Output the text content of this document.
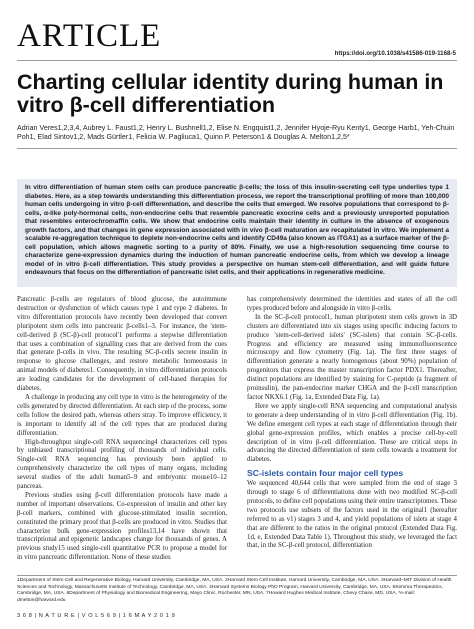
ARTICLE	https://doi.org/10.1038/s41586-019-1168-5
Charting cellular identity during human in vitro β-cell differentiation
Adrian Veres1,2,3,4, Aubrey L. Faust1,2, Henry L. Bushnell1,2, Elise N. Engquist1,2, Jennifer Hyoje-Ryu Kenty1, George Harb1, Yeh-Chuin Poh1, Elad Sintov1,2, Mads Gürtler1, Felicia W. Pagliuca1, Quinn P. Peterson1 & Douglas A. Melton1,2,5*

In vitro differentiation of human stem cells can produce pancreatic β-cells; the loss of this insulin-secreting cell type underlies type 1 diabetes. Here, as a step towards understanding this differentiation process, we report the transcriptional profiling of more than 100,000 human cells undergoing in vitro β-cell differentiation, and describe the cells that emerged. We resolve populations that correspond to β-cells, α-like poly-hormonal cells, non-endocrine cells that resemble pancreatic exocrine cells and a previously unreported population that resembles enterochromaffin cells. We show that endocrine cells maintain their identity in culture in the absence of exogenous growth factors, and that changes in gene expression associated with in vivo β-cell maturation are recapitulated in vitro. We implement a scalable re-aggregation technique to deplete non-endocrine cells and identify CD49a (also known as ITGA1) as a surface marker of the β-cell population, which allows magnetic sorting to a purity of 80%. Finally, we use a high-resolution sequencing time course to characterize gene-expression dynamics during the induction of human pancreatic endocrine cells, from which we develop a lineage model of in vitro β-cell differentiation. This study provides a perspective on human stem-cell differentiation, and will guide future endeavours that focus on the differentiation of pancreatic islet cells, and their applications in regenerative medicine.

Pancreatic β-cells are regulators of blood glucose, the autoimmune destruction or dysfunction of which causes type 1 and type 2 diabetes. In vitro differentiation protocols have recently been developed that convert pluripotent stem cells into pancreatic β-cells1–3. For instance, the 'stem-cell-derived β (SC-β)-cell protocol'1 performs a stepwise differentiation that uses a combination of signalling cues that are derived from the cues that generate β-cells in vivo. The resulting SC-β-cells secrete insulin in response to glucose challenges, and restore metabolic homeostasis in animal models of diabetes1. Consequently, in vitro differentiation protocols are leading candidates for the development of cell-based therapies for diabetes.

A challenge in producing any cell type in vitro is the heterogeneity of the cells generated by directed differentiation. At each step of the process, some cells follow the desired path, whereas others stray. To improve efficiency, it is important to identify all of the cell types that are produced during differentiation.

High-throughput single-cell RNA sequencing4 characterizes cell types by unbiased transcriptional profiling of thousands of individual cells. Single-cell RNA sequencing has previously been applied to comprehensively characterize the cell types of many organs, including several studies of the adult human5–9 and embryonic mouse10–12 pancreas.

Previous studies using β-cell differentiation protocols have made a number of important observations. Co-expression of insulin and other key β-cell markers, combined with glucose-stimulated insulin secretion, constituted the primary proof that β-cells are produced in vitro. Studies that characterize bulk gene-expression profiles13,14 have shown that transcriptional and epigenetic landscapes change for thousands of genes. A previous study15 used single-cell quantitative PCR to propose a model for in vitro pancreatic differentiation. None of these studies

has comprehensively determined the identities and states of all the cell types produced before and alongside in vitro β-cells.

In the SC-β-cell protocol1, human pluripotent stem cells grown in 3D clusters are differentiated into six stages using specific inducing factors to produce 'stem-cell-derived islets' (SC-islets) that contain SC-β-cells. Progress and efficiency are measured using immunofluorescence microscopy and flow cytometry (Fig. 1a). The first three stages of differentiation generate a nearly homogenous (about 90%) population of progenitors that express the master transcription factor PDX1. Thereafter, distinct populations are identified by staining for C-peptide (a fragment of proinsulin), the pan-endocrine marker CHGA and the β-cell transcription factor NKX6.1 (Fig. 1a, Extended Data Fig. 1a).

Here we apply single-cell RNA sequencing and computational analysis to generate a deep understanding of in vitro β-cell differentiation (Fig. 1b). We define emergent cell types at each stage of differentiation through their global gene-expression profiles, which enables a precise cell-by-cell description of in vitro β-cell differentiation. These are critical steps in advancing the directed differentiation of stem cells towards a treatment for diabetes.

SC-islets contain four major cell types

We sequenced 40,644 cells that were sampled from the end of stage 3 through to stage 6 of differentiations done with two modified SC-β-cell protocols, to define cell populations using their entire transcriptomes. These two protocols use subsets of the factors used in the original1 (hereafter referred to as v1) stages 3 and 4, and yield populations of islets at stage 4 that are different to the ratios in the original protocol (Extended Data Fig. 1d, e, Extended Data Table 1). Throughout this study, we leveraged the fact that, in the SC-β-cell protocol, differentiation

1Department of Stem Cell and Regenerative Biology, Harvard University, Cambridge, MA, USA. 2Harvard Stem Cell Institute, Harvard University, Cambridge, MA, USA. 3Harvard–MIT Division of Health Sciences and Technology, Massachusetts Institute of Technology, Cambridge, MA, USA. 4Harvard Systems Biology PhD Program, Harvard University, Cambridge, MA, USA. 5Semma Therapeutics, Cambridge, MA, USA. 6Department of Physiology and Biomedical Engineering, Mayo Clinic, Rochester, MN, USA. 7Howard Hughes Medical Institute, Chevy Chase, MD, USA. *e-mail: dmelton@harvard.edu
3 6 8 | N A T U R E | V O L 5 6 9 | 1 6 M A Y 2 0 1 9
